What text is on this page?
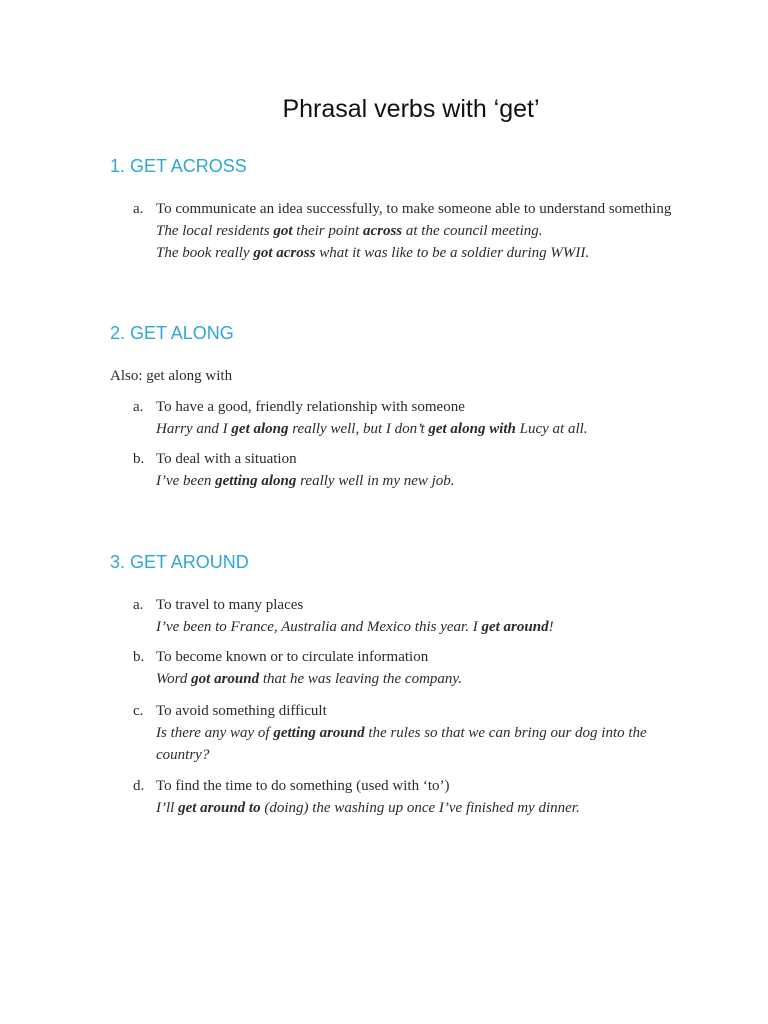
Phrasal verbs with ‘get’
1. GET ACROSS
a. To communicate an idea successfully, to make someone able to understand something
The local residents got their point across at the council meeting.
The book really got across what it was like to be a soldier during WWII.
2. GET ALONG
Also: get along with
a. To have a good, friendly relationship with someone
Harry and I get along really well, but I don’t get along with Lucy at all.
b. To deal with a situation
I’ve been getting along really well in my new job.
3. GET AROUND
a. To travel to many places
I’ve been to France, Australia and Mexico this year. I get around!
b. To become known or to circulate information
Word got around that he was leaving the company.
c. To avoid something difficult
Is there any way of getting around the rules so that we can bring our dog into the
country?
d. To find the time to do something (used with ‘to’)
I’ll get around to (doing) the washing up once I’ve finished my dinner.
